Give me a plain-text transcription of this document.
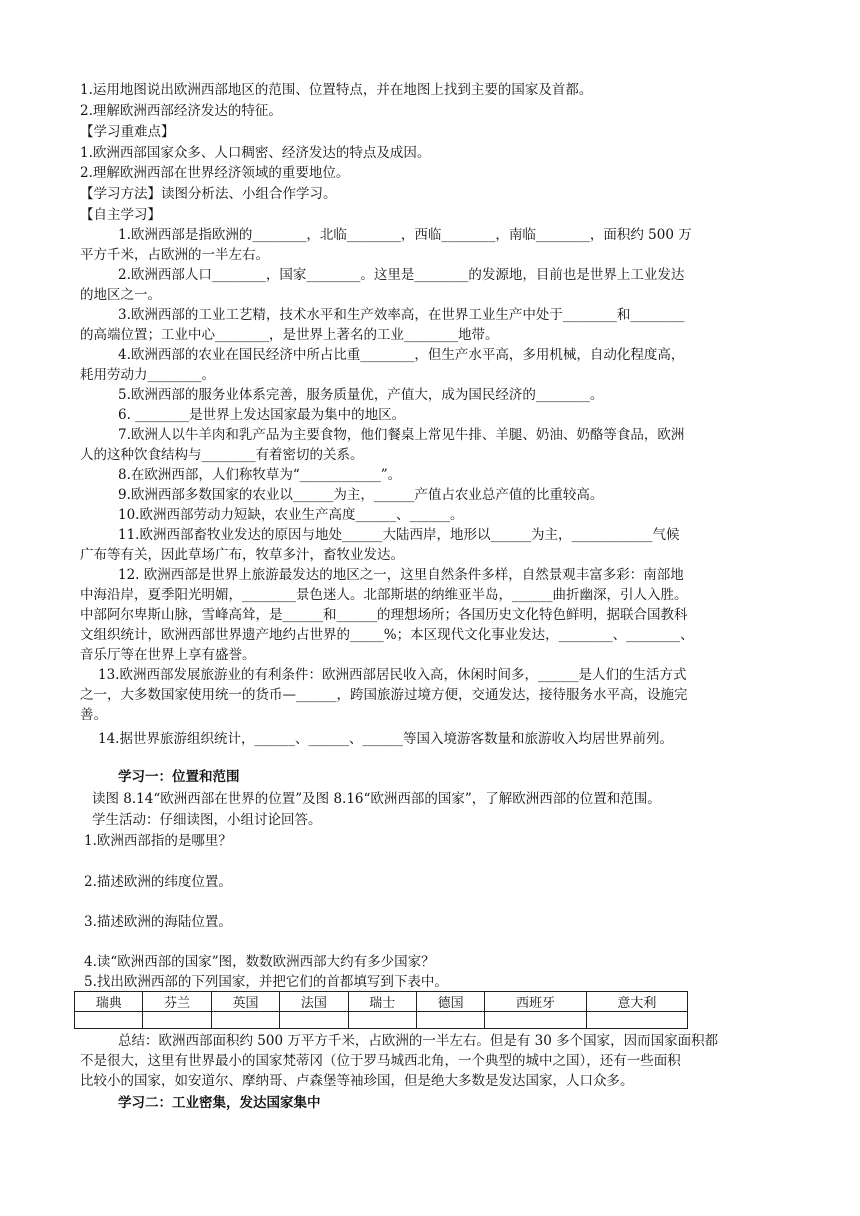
1.运用地图说出欧洲西部地区的范围、位置特点，并在地图上找到主要的国家及首都。
2.理解欧洲西部经济发达的特征。
【学习重难点】
1.欧洲西部国家众多、人口稠密、经济发达的特点及成因。
2.理解欧洲西部在世界经济领域的重要地位。
【学习方法】读图分析法、小组合作学习。
【自主学习】
1.欧洲西部是指欧洲的________，北临________，西临________，南临________，面积约 500 万
平方千米，占欧洲的一半左右。
2.欧洲西部人口________，国家________。这里是________的发源地，目前也是世界上工业发达
的地区之一。
3.欧洲西部的工业工艺精，技术水平和生产效率高，在世界工业生产中处于________和________
的高端位置；工业中心________，是世界上著名的工业________地带。
4.欧洲西部的农业在国民经济中所占比重________，但生产水平高，多用机械，自动化程度高，
耗用劳动力________。
5.欧洲西部的服务业体系完善，服务质量优，产值大，成为国民经济的________。
6. ________是世界上发达国家最为集中的地区。
7.欧洲人以牛羊肉和乳产品为主要食物，他们餐桌上常见牛排、羊腿、奶油、奶酪等食品，欧洲
人的这种饮食结构与________有着密切的关系。
8.在欧洲西部，人们称牧草为“____________”。
9.欧洲西部多数国家的农业以______为主，______产值占农业总产值的比重较高。
10.欧洲西部劳动力短缺，农业生产高度______、______。
11.欧洲西部畜牧业发达的原因与地处______大陆西岸，地形以______为主，____________气候
广布等有关，因此草场广布，牧草多汁，畜牧业发达。
12. 欧洲西部是世界上旅游最发达的地区之一，这里自然条件多样，自然景观丰富多彩：南部地
中海沿岸，夏季阳光明媚，________景色迷人。北部斯堪的纳维亚半岛，______曲折幽深，引人入胜。
中部阿尔卑斯山脉，雪峰高耸，是______和______的理想场所；各国历史文化特色鲜明，据联合国教科
文组织统计，欧洲西部世界遗产地约占世界的_____%；本区现代文化事业发达，________、________、
音乐厅等在世界上享有盛誉。
13.欧洲西部发展旅游业的有利条件：欧洲西部居民收入高，休闲时间多，______是人们的生活方式
之一，大多数国家使用统一的货币—______，跨国旅游过境方便，交通发达，接待服务水平高，设施完
善。
14.据世界旅游组织统计，______、______、______等国入境游客数量和旅游收入均居世界前列。
学习一：位置和范围
读图 8.14“欧洲西部在世界的位置”及图 8.16“欧洲西部的国家”，了解欧洲西部的位置和范围。
学生活动：仔细读图，小组讨论回答。
1.欧洲西部指的是哪里？
2.描述欧洲的纬度位置。
3.描述欧洲的海陆位置。
4.读“欧洲西部的国家”图，数数欧洲西部大约有多少国家？
5.找出欧洲西部的下列国家，并把它们的首都填写到下表中。
瑞典	芬兰	英国	法国	瑞士	德国	西班牙	意大利

总结：欧洲西部面积约 500 万平方千米，占欧洲的一半左右。但是有 30 多个国家，因而国家面积都
不是很大，这里有世界最小的国家梵蒂冈（位于罗马城西北角，一个典型的城中之国），还有一些面积
比较小的国家，如安道尔、摩纳哥、卢森堡等袖珍国，但是绝大多数是发达国家，人口众多。
学习二：工业密集，发达国家集中
